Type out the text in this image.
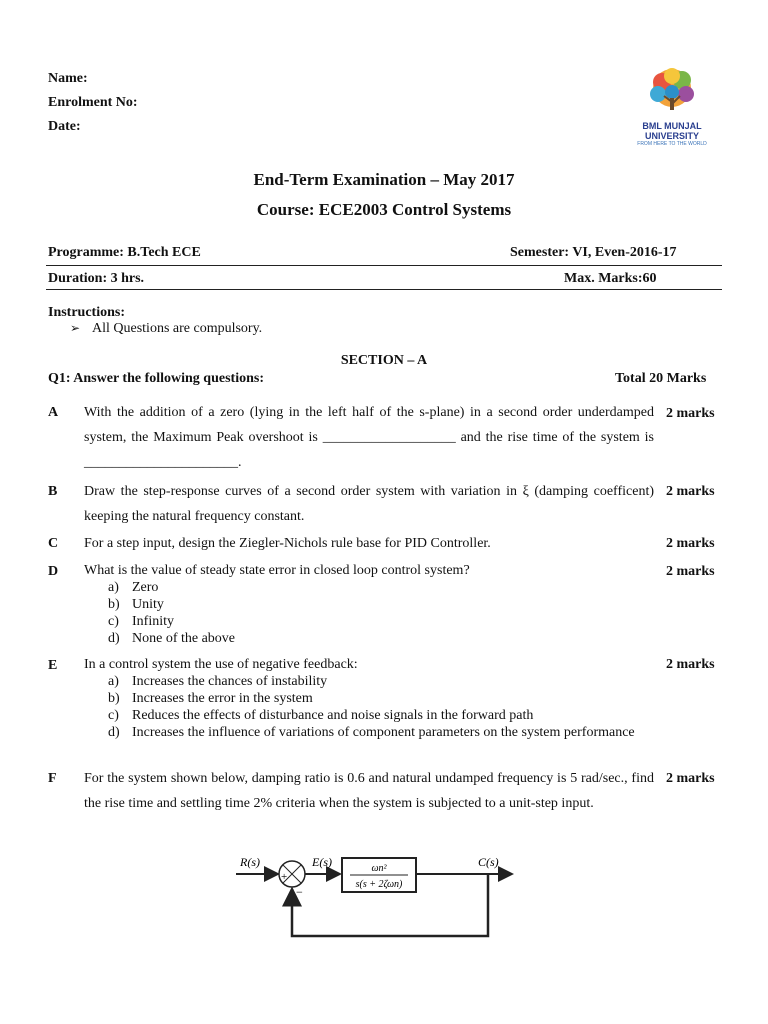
Name:
Enrolment No:
Date:	BML MUNJAL
UNIVERSITY
FROM HERE TO THE WORLD
End-Term Examination – May 2017
Course: ECE2003 Control Systems
Programme: B.Tech ECE	Semester: VI, Even-2016-17
Duration: 3 hrs.	Max. Marks:60
Instructions:
➢ All Questions are compulsory.
SECTION – A
Q1: Answer the following questions:	Total 20 Marks
A With the addition of a zero (lying in the left half of the s-plane) in a second order underdamped system, the Maximum Peak overshoot is ___________________ and the rise time of the system is ______________________.
2 marks
B Draw the step-response curves of a second order system with variation in ξ (damping coefficent) keeping the natural frequency constant.
2 marks
C For a step input, design the Ziegler-Nichols rule base for PID Controller.	2 marks
D What is the value of steady state error in closed loop control system?	2 marks
a) Zero
b) Unity
c) Infinity
d) None of the above
E In a control system the use of negative feedback:	2 marks
a) Increases the chances of instability
b) Increases the error in the system
c) Reduces the effects of disturbance and noise signals in the forward path
d) Increases the influence of variations of component parameters on the system performance
F For the system shown below, damping ratio is 0.6 and natural undamped frequency is 5 rad/sec., find the rise time and settling time 2% criteria when the system is subjected to a unit-step input.
2 marks
R(s)	E(s)	C(s)
+
−
ωn²
s(s + 2ζωn)
